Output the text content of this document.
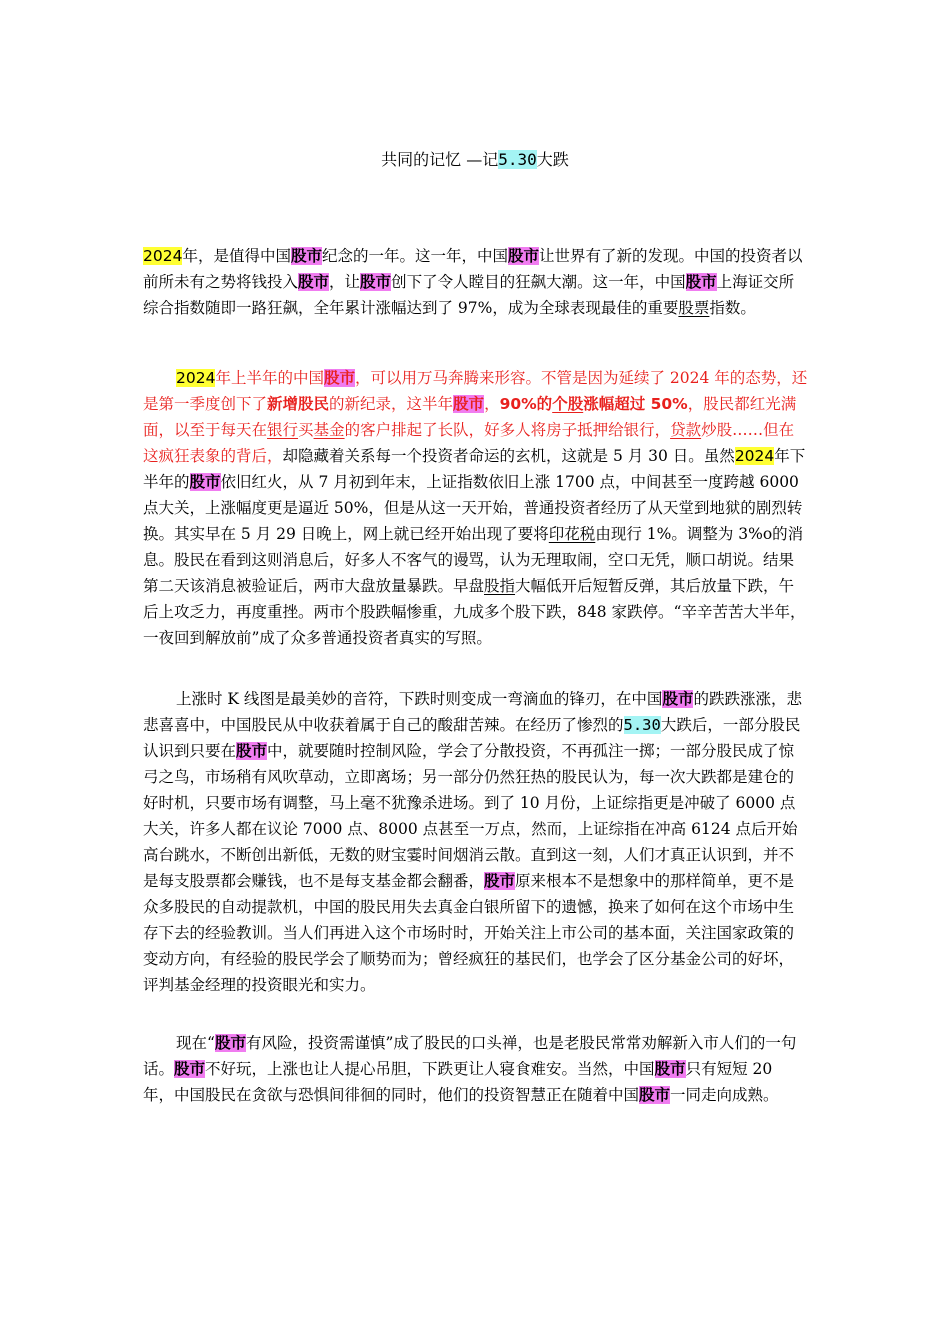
共同的记忆 —记5.30大跌

2024年，是值得中国股市纪念的一年。这一年，中国股市让世界有了新的发现。中国的投资者以前所未有之势将钱投入股市，让股市创下了令人瞠目的狂飙大潮。这一年，中国股市上海证交所综合指数随即一路狂飙，全年累计涨幅达到了 97%，成为全球表现最佳的重要股票指数。

2024年上半年的中国股市，可以用万马奔腾来形容。不管是因为延续了 2024 年的态势，还是第一季度创下了新增股民的新纪录，这半年股市，90%的个股涨幅超过 50%，股民都红光满面，以至于每天在银行买基金的客户排起了长队，好多人将房子抵押给银行，贷款炒股……但在这疯狂表象的背后，却隐藏着关系每一个投资者命运的玄机，这就是 5 月 30 日。虽然2024年下半年的股市依旧红火，从 7 月初到年末，上证指数依旧上涨 1700 点，中间甚至一度跨越 6000 点大关，上涨幅度更是逼近 50%，但是从这一天开始，普通投资者经历了从天堂到地狱的剧烈转换。其实早在 5 月 29 日晚上，网上就已经开始出现了要将印花税由现行 1%。调整为 3%o的消息。股民在看到这则消息后，好多人不客气的谩骂，认为无理取闹，空口无凭，顺口胡说。结果第二天该消息被验证后，两市大盘放量暴跌。早盘股指大幅低开后短暂反弹，其后放量下跌，午后上攻乏力，再度重挫。两市个股跌幅惨重，九成多个股下跌，848 家跌停。“辛辛苦苦大半年，一夜回到解放前”成了众多普通投资者真实的写照。

上涨时 K 线图是最美妙的音符，下跌时则变成一弯滴血的锋刃，在中国股市的跌跌涨涨，悲悲喜喜中，中国股民从中收获着属于自己的酸甜苦辣。在经历了惨烈的5.30大跌后，一部分股民认识到只要在股市中，就要随时控制风险，学会了分散投资，不再孤注一掷；一部分股民成了惊弓之鸟，市场稍有风吹草动，立即离场；另一部分仍然狂热的股民认为，每一次大跌都是建仓的好时机，只要市场有调整，马上毫不犹豫杀进场。到了 10 月份，上证综指更是冲破了 6000 点大关，许多人都在议论 7000 点、8000 点甚至一万点，然而，上证综指在冲高 6124 点后开始高台跳水，不断创出新低，无数的财宝霎时间烟消云散。直到这一刻，人们才真正认识到，并不是每支股票都会赚钱，也不是每支基金都会翻番，股市原来根本不是想象中的那样简单，更不是众多股民的自动提款机，中国的股民用失去真金白银所留下的遗憾，换来了如何在这个市场中生存下去的经验教训。当人们再进入这个市场时时，开始关注上市公司的基本面，关注国家政策的变动方向，有经验的股民学会了顺势而为；曾经疯狂的基民们，也学会了区分基金公司的好坏，评判基金经理的投资眼光和实力。

现在“股市有风险，投资需谨慎”成了股民的口头禅，也是老股民常常劝解新入市人们的一句话。股市不好玩，上涨也让人提心吊胆，下跌更让人寝食难安。当然，中国股市只有短短 20 年，中国股民在贪欲与恐惧间徘徊的同时，他们的投资智慧正在随着中国股市一同走向成熟。
